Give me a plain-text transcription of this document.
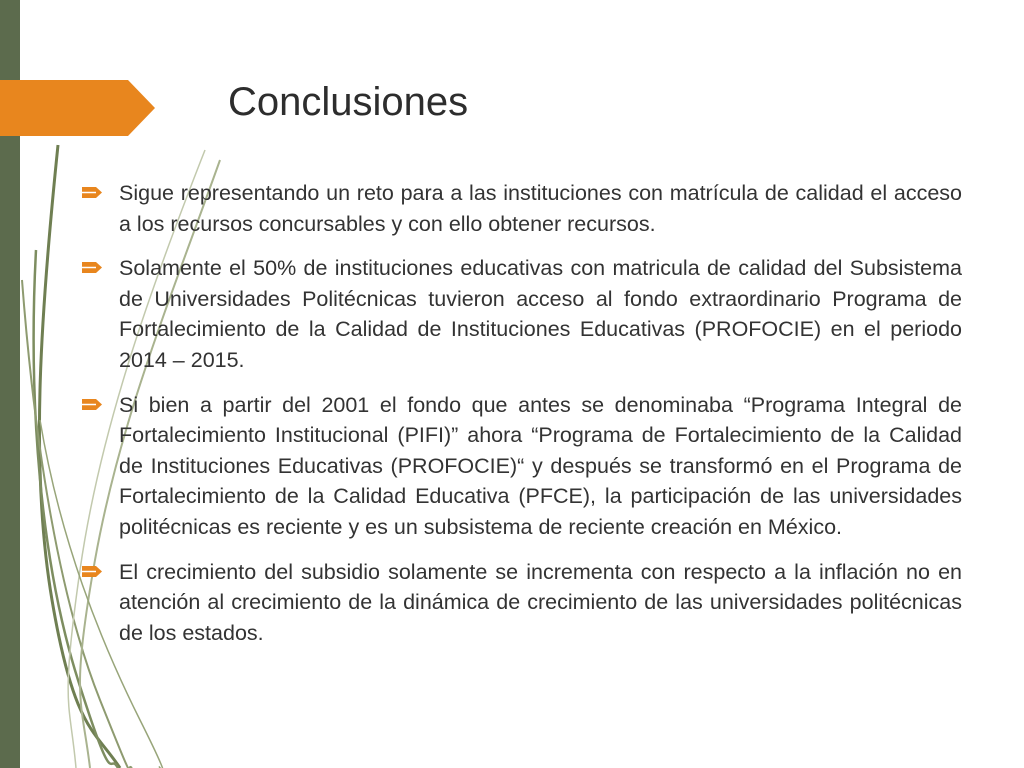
Conclusiones
Sigue representando un reto para a las instituciones con matrícula de calidad el acceso a los recursos concursables y con ello obtener recursos.
Solamente el 50% de instituciones educativas con matricula de calidad del Subsistema de Universidades Politécnicas tuvieron acceso al fondo extraordinario Programa de Fortalecimiento de la Calidad de Instituciones Educativas (PROFOCIE) en el periodo 2014 – 2015.
Si bien a partir del 2001 el fondo que antes se denominaba “Programa Integral de Fortalecimiento Institucional (PIFI)” ahora “Programa de Fortalecimiento de la Calidad de Instituciones Educativas (PROFOCIE)“ y después se transformó en el Programa de Fortalecimiento de la Calidad Educativa (PFCE), la participación de las universidades politécnicas es reciente y es un subsistema de reciente creación en México.
El crecimiento del subsidio solamente se incrementa con respecto a la inflación no en atención al crecimiento de la dinámica de crecimiento de las universidades politécnicas de los estados.
